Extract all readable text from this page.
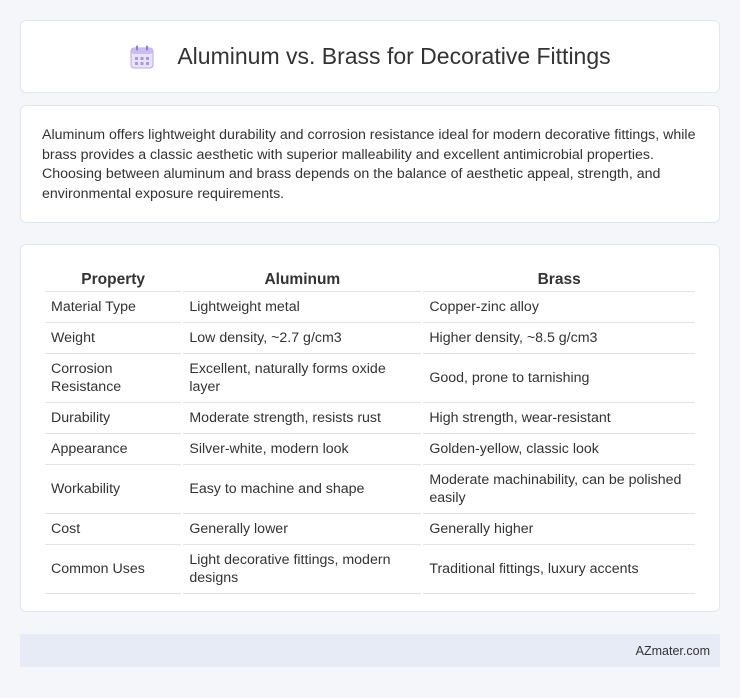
Aluminum vs. Brass for Decorative Fittings

Aluminum offers lightweight durability and corrosion resistance ideal for modern decorative fittings, while brass provides a classic aesthetic with superior malleability and excellent antimicrobial properties. Choosing between aluminum and brass depends on the balance of aesthetic appeal, strength, and environmental exposure requirements.

Property	Aluminum	Brass
Material Type	Lightweight metal	Copper-zinc alloy
Weight	Low density, ~2.7 g/cm3	Higher density, ~8.5 g/cm3
Corrosion Resistance	Excellent, naturally forms oxide layer	Good, prone to tarnishing
Durability	Moderate strength, resists rust	High strength, wear-resistant
Appearance	Silver-white, modern look	Golden-yellow, classic look
Workability	Easy to machine and shape	Moderate machinability, can be polished easily
Cost	Generally lower	Generally higher
Common Uses	Light decorative fittings, modern designs	Traditional fittings, luxury accents
AZmater.com
